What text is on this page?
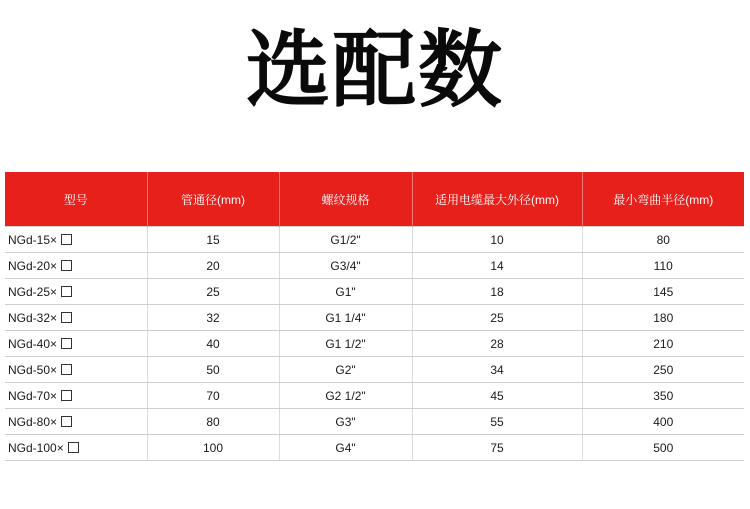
选配数
型号	管通径(mm)	螺纹规格	适用电缆最大外径(mm)	最小弯曲半径(mm)
NGd-15×	15	G1/2"	10	80
NGd-20×	20	G3/4"	14	110
NGd-25×	25	G1"	18	145
NGd-32×	32	G1 1/4"	25	180
NGd-40×	40	G1 1/2"	28	210
NGd-50×	50	G2"	34	250
NGd-70×	70	G2 1/2"	45	350
NGd-80×	80	G3"	55	400
NGd-100×	100	G4"	75	500
